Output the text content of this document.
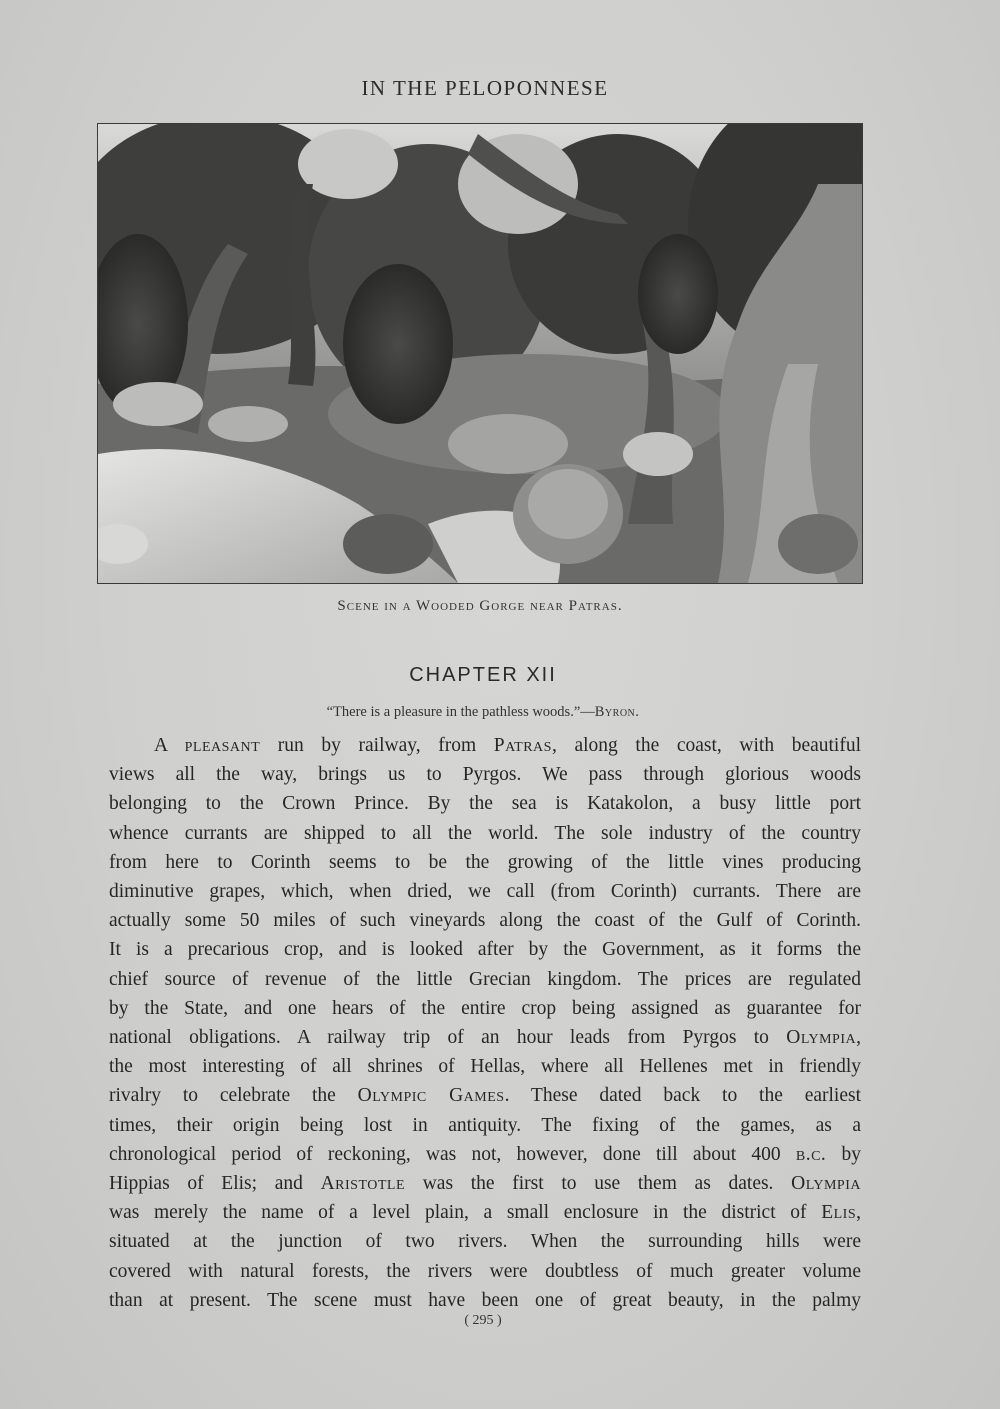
IN THE PELOPONNESE
Scene in a Wooded Gorge near Patras.
CHAPTER XII
“There is a pleasure in the pathless woods.”—Byron.
A pleasant run by railway, from Patras, along the coast, with beautiful
views all the way, brings us to Pyrgos. We pass through glorious woods
belonging to the Crown Prince. By the sea is Katakolon, a busy little port
whence currants are shipped to all the world. The sole industry of the country
from here to Corinth seems to be the growing of the little vines producing
diminutive grapes, which, when dried, we call (from Corinth) currants. There are
actually some 50 miles of such vineyards along the coast of the Gulf of Corinth.
It is a precarious crop, and is looked after by the Government, as it forms the
chief source of revenue of the little Grecian kingdom. The prices are regulated
by the State, and one hears of the entire crop being assigned as guarantee for
national obligations. A railway trip of an hour leads from Pyrgos to Olympia,
the most interesting of all shrines of Hellas, where all Hellenes met in friendly
rivalry to celebrate the Olympic Games. These dated back to the earliest
times, their origin being lost in antiquity. The fixing of the games, as a
chronological period of reckoning, was not, however, done till about 400 b.c. by
Hippias of Elis; and Aristotle was the first to use them as dates. Olympia
was merely the name of a level plain, a small enclosure in the district of Elis,
situated at the junction of two rivers. When the surrounding hills were
covered with natural forests, the rivers were doubtless of much greater volume
than at present. The scene must have been one of great beauty, in the palmy
( 295 )
